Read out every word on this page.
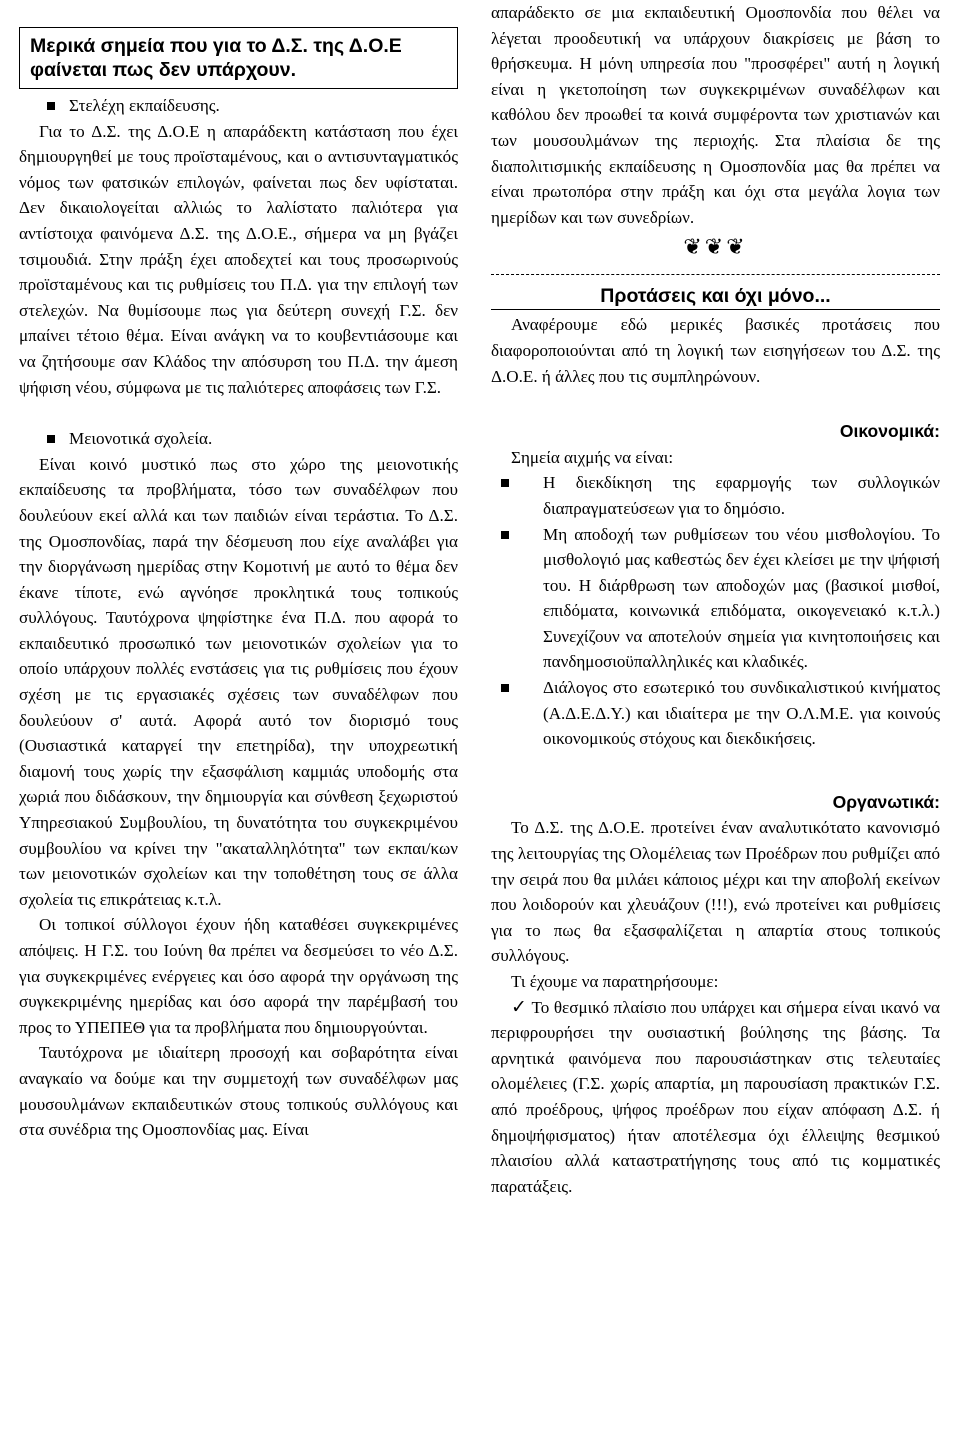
Μερικά σημεία που για το Δ.Σ. της Δ.Ο.Ε φαίνεται πως δεν υπάρχουν.
Στελέχη εκπαίδευσης.

Για το Δ.Σ. της Δ.Ο.Ε η απαράδεκτη κατάσταση που έχει δημιουργηθεί με τους προϊσταμένους, και ο αντισυνταγματικός νόμος των φατσικών επιλογών, φαίνεται πως δεν υφίσταται. Δεν δικαιολογείται αλλιώς το λαλίστατο παλιότερα για αντίστοιχα φαινόμενα Δ.Σ. της Δ.Ο.Ε., σήμερα να μη βγάζει τσιμουδιά. Στην πράξη έχει αποδεχτεί και τους προσωρινούς προϊσταμένους και τις ρυθμίσεις του Π.Δ. για την επιλογή των στελεχών. Να θυμίσουμε πως για δεύτερη συνεχή Γ.Σ. δεν μπαίνει τέτοιο θέμα. Είναι ανάγκη να το κουβεντιάσουμε και να ζητήσουμε σαν Κλάδος την απόσυρση του Π.Δ. την άμεση ψήφιση νέου, σύμφωνα με τις παλιότερες αποφάσεις των Γ.Σ.

Μειονοτικά σχολεία.

Είναι κοινό μυστικό πως στο χώρο της μειονοτικής εκπαίδευσης τα προβλήματα, τόσο των συναδέλφων που δουλεύουν εκεί αλλά και των παιδιών είναι τεράστια. Το Δ.Σ. της Ομοσπονδίας, παρά την δέσμευση που είχε αναλάβει για την διοργάνωση ημερίδας στην Κομοτινή με αυτό το θέμα δεν έκανε τίποτε, ενώ αγνόησε προκλητικά τους τοπικούς συλλόγους. Ταυτόχρονα ψηφίστηκε ένα Π.Δ. που αφορά το εκπαιδευτικό προσωπικό των μειονοτικών σχολείων για το οποίο υπάρχουν πολλές ενστάσεις για τις ρυθμίσεις που έχουν σχέση με τις εργασιακές σχέσεις των συναδέλφων που δουλεύουν σ' αυτά. Αφορά αυτό τον διορισμό τους (Ουσιαστικά καταργεί την επετηρίδα), την υποχρεωτική διαμονή τους χωρίς την εξασφάλιση καμμιάς υποδομής στα χωριά που διδάσκουν, την δημιουργία και σύνθεση ξεχωριστού Υπηρεσιακού Συμβουλίου, τη δυνατότητα του συγκεκριμένου συμβουλίου να κρίνει την "ακαταλληλότητα" των εκπαι/κων των μειονοτικών σχολείων και την τοποθέτηση τους σε άλλα σχολεία τις επικράτειας κ.τ.λ.

Οι τοπικοί σύλλογοι έχουν ήδη καταθέσει συγκεκριμένες απόψεις. Η Γ.Σ. του Ιούνη θα πρέπει να δεσμεύσει το νέο Δ.Σ. για συγκεκριμένες ενέργειες και όσο αφορά την οργάνωση της συγκεκριμένης ημερίδας και όσο αφορά την παρέμβασή του προς το ΥΠΕΠΕΘ για τα προβλήματα που δημιουργούνται.

Ταυτόχρονα με ιδιαίτερη προσοχή και σοβαρότητα είναι αναγκαίο να δούμε και την συμμετοχή των συναδέλφων μας μουσουλμάνων εκπαιδευτικών στους τοπικούς συλλόγους και στα συνέδρια της Ομοσπονδίας μας. Είναι

απαράδεκτο σε μια εκπαιδευτική Ομοσπονδία που θέλει να λέγεται προοδευτική να υπάρχουν διακρίσεις με βάση το θρήσκευμα. Η μόνη υπηρεσία που "προσφέρει" αυτή η λογική είναι η γκετοποίηση των συγκεκριμένων συναδέλφων και καθόλου δεν προωθεί τα κοινά συμφέροντα των χριστιανών και των μουσουλμάνων της περιοχής. Στα πλαίσια δε της διαπολιτισμικής εκπαίδευσης η Ομοσπονδία μας θα πρέπει να είναι πρωτοπόρα στην πράξη και όχι στα μεγάλα λογια των ημερίδων και των συνεδρίων.

❦❦❦
Προτάσεις και όχι μόνο...

Αναφέρουμε εδώ μερικές βασικές προτάσεις που διαφοροποιούνται από τη λογική των εισηγήσεων του Δ.Σ. της Δ.Ο.Ε. ή άλλες που τις συμπληρώνουν.

Οικονομικά:

Σημεία αιχμής να είναι:

Η διεκδίκηση της εφαρμογής των συλλογικών διαπραγματεύσεων για το δημόσιο.
Μη αποδοχή των ρυθμίσεων του νέου μισθολογίου. Το μισθολογιό μας καθεστώς δεν έχει κλείσει με την ψήφισή του. Η διάρθρωση των αποδοχών μας (βασικοί μισθοί, επιδόματα, κοινωνικά επιδόματα, οικογενειακό κ.τ.λ.) Συνεχίζουν να αποτελούν σημεία για κινητοποιήσεις και πανδημοσιοϋπαλληλικές και κλαδικές.
Διάλογος στο εσωτερικό του συνδικαλιστικού κινήματος (Α.Δ.Ε.Δ.Υ.) και ιδιαίτερα με την Ο.Λ.Μ.Ε. για κοινούς οικονομικούς στόχους και διεκδικήσεις.
Οργανωτικά:

Το Δ.Σ. της Δ.Ο.Ε. προτείνει έναν αναλυτικότατο κανονισμό της λειτουργίας της Ολομέλειας των Προέδρων που ρυθμίζει από την σειρά που θα μιλάει κάποιος μέχρι και την αποβολή εκείνων που λοιδορούν και χλευάζουν (!!!), ενώ προτείνει και ρυθμίσεις για το πως θα εξασφαλίζεται η απαρτία στους τοπικούς συλλόγους.

Τι έχουμε να παρατηρήσουμε:

✓ Το θεσμικό πλαίσιο που υπάρχει και σήμερα είναι ικανό να περιφρουρήσει την ουσιαστική βούλησης της βάσης. Τα αρνητικά φαινόμενα που παρουσιάστηκαν στις τελευταίες ολομέλειες (Γ.Σ. χωρίς απαρτία, μη παρουσίαση πρακτικών Γ.Σ. από προέδρους, ψήφος προέδρων που είχαν απόφαση Δ.Σ. ή δημοψήφισματος) ήταν αποτέλεσμα όχι έλλειψης θεσμικού πλαισίου αλλά καταστρατήγησης τους από τις κομματικές παρατάξεις.
